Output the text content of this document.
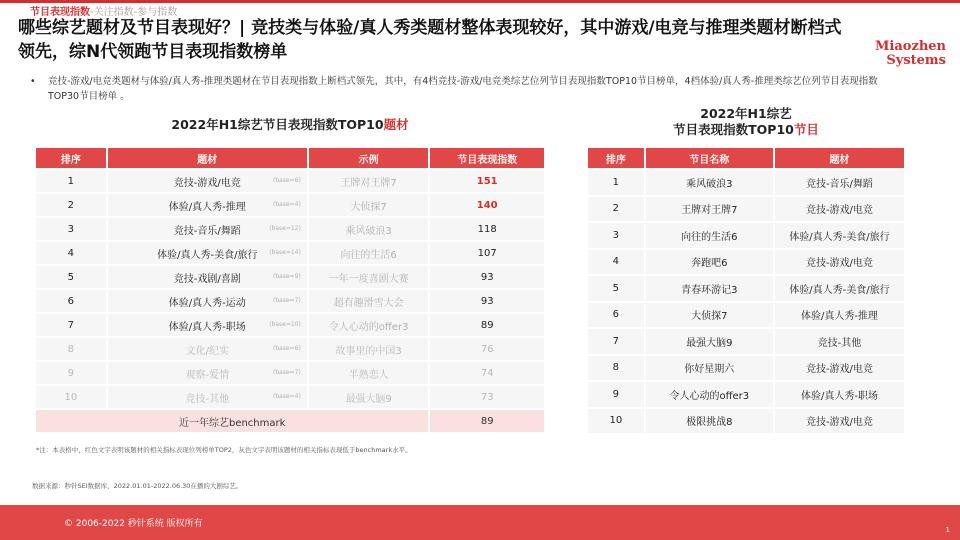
节目表现指数-关注指数-参与指数
哪些综艺题材及节目表现好？| 竞技类与体验/真人秀类题材整体表现较好，其中游戏/电竞与推理类题材断档式领先，综N代领跑节目表现指数榜单	Miaozhen
Systems
•	竞技-游戏/电竞类题材与体验/真人秀-推理类题材在节目表现指数上断档式领先，其中，有4档竞技-游戏/电竞类综艺位列节目表现指数TOP10节目榜单，4档体验/真人秀-推理类综艺位列节目表现指数TOP30节目榜单 。
2022年H1综艺节目表现指数TOP10题材
排序	题材	示例	节目表现指数
1	竞技-游戏/电竞 (base=6)	王牌对王牌7	151
2	体验/真人秀-推理 (base=4)	大侦探7	140
3	竞技-音乐/舞蹈 (base=12)	乘风破浪3	118
4	体验/真人秀-美食/旅行 (base=14)	向往的生活6	107
5	竞技-戏剧/喜剧 (base=9)	一年一度喜剧大赛	93
6	体验/真人秀-运动 (base=7)	超有趣滑雪大会	93
7	体验/真人秀-职场 (base=10)	令人心动的offer3	89
8	文化/纪实 (base=6)	故事里的中国3	76
9	观察-爱情 (base=7)	半熟恋人	74
10	竞技-其他 (base=4)	最强大脑9	73
近一年综艺benchmark			89
2022年H1综艺
节目表现指数TOP10节目
排序	节目名称	题材
1	乘风破浪3	竞技-音乐/舞蹈
2	王牌对王牌7	竞技-游戏/电竞
3	向往的生活6	体验/真人秀-美食/旅行
4	奔跑吧6	竞技-游戏/电竞
5	青春环游记3	体验/真人秀-美食/旅行
6	大侦探7	体验/真人秀-推理
7	最强大脑9	竞技-其他
8	你好星期六	竞技-游戏/电竞
9	令人心动的offer3	体验/真人秀-职场
10	极限挑战8	竞技-游戏/电竞
*注：本表格中，红色文字表明该题材的相关指标表现位列榜单TOP2，灰色文字表明该题材的相关指标表现低于benchmark水平。
数据来源：秒针SEI数据库，2022.01.01-2022.06.30在播的大剧综艺。
© 2006-2022 秒针系统 版权所有
1
